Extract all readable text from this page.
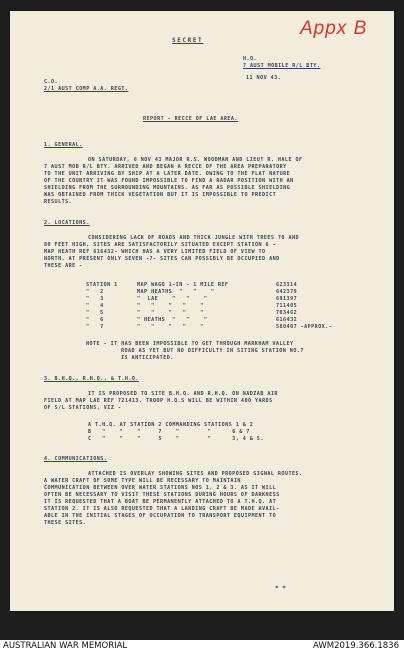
Appx B
SECRET
H.Q.
7 AUST MOBILE R/L BTY.
11 NOV 43.
C.O.
2/1 AUST COMP A.A. REGT.
REPORT - RECCE OF LAE AREA.
1. GENERAL.
ON SATURDAY, 6 NOV 43 MAJOR R.S. WOODMAN AND LIEUT R. HALE OF
7 AUST MOB R/L BTY. ARRIVED AND BEGAN A RECCE OF THE AREA PREPARATORY
TO THE UNIT ARRIVING BY SHIP AT A LATER DATE. OWING TO THE FLAT NATURE
OF THE COUNTRY IT WAS FOUND IMPOSSIBLE TO FIND A RADAR POSITION WITH AN
SHIELDING FROM THE SURROUNDING MOUNTAINS. AS FAR AS POSSIBLE SHIELDING
WAS OBTAINED FROM THICK VEGETATION BUT IT IS IMPOSSIBLE TO PREDICT
RESULTS.
2. LOCATIONS.
CONSIDERING LACK OF ROADS AND THICK JUNGLE WITH TREES 70 AND
80 FEET HIGH, SITES ARE SATISFACTORILY SITUATED EXCEPT STATION 6 -
MAP HEATH REF 616432- WHICH HAS A VERY LIMITED FIELD OF VIEW TO
NORTH. AT PRESENT ONLY SEVEN -7- SITES CAN POSSIBLY BE OCCUPIED AND
THESE ARE -
STATION 1	MAP WAGO 1-IN - 1 MILE REF	623314
"   2	MAP HEATHS  "   "    "	642379
"   3	"  LAE    "   "    "	691397
"   4	"   "    "   "    "	711405
"   5	"   "    "   "    "	703462
"   6	" HEATHS  "   "    "	616432
"   7	"   "    "   "    "	580407 -APPROX.-
NOTE - IT HAS BEEN IMPOSSIBLE TO GET THROUGH MARKHAM VALLEY
ROAD AS YET BUT NO DIFFICULTY IN SITING STATION NO.7
IS ANTICIPATED.
3. B.H.Q., R.H.Q., & T.H.Q.
IT IS PROPOSED TO SITE B.H.Q. AND R.H.Q. ON NADZAB AIR
FIELD AT MAP LAE REF 721413. TROOP H.Q.S WILL BE WITHIN 400 YARDS
OF S/L STATIONS, VIZ -
A T.H.Q. AT STATION 2 COMMANDING STATIONS 1 & 2
B   "    "    "     7    "        "      6 & 7
C   "    "    "     5    "        "      3, 4 & 5.
4. COMMUNICATIONS.
ATTACHED IS OVERLAY SHOWING SITES AND PROPOSED SIGNAL ROUTES.
A WATER CRAFT OF SOME TYPE WILL BE NECESSARY TO MAINTAIN
COMMUNICATION BETWEEN OVER WATER STATIONS NOS 1, 2 & 3. AS IT WILL
OFTEN BE NECESSARY TO VISIT THESE STATIONS DURING HOURS OF DARKNESS
IT IS REQUESTED THAT A BOAT BE PERMANENTLY ATTACHED TO A T.H.Q. AT
STATION 2. IT IS ALSO REQUESTED THAT A LANDING CRAFT BE MADE AVAIL-
ABLE IN THE INITIAL STAGES OF OCCUPATION TO TRANSPORT EQUIPMENT TO
THESE SITES.
* *
AUSTRALIAN WAR MEMORIAL	AWM2019.366.1836
